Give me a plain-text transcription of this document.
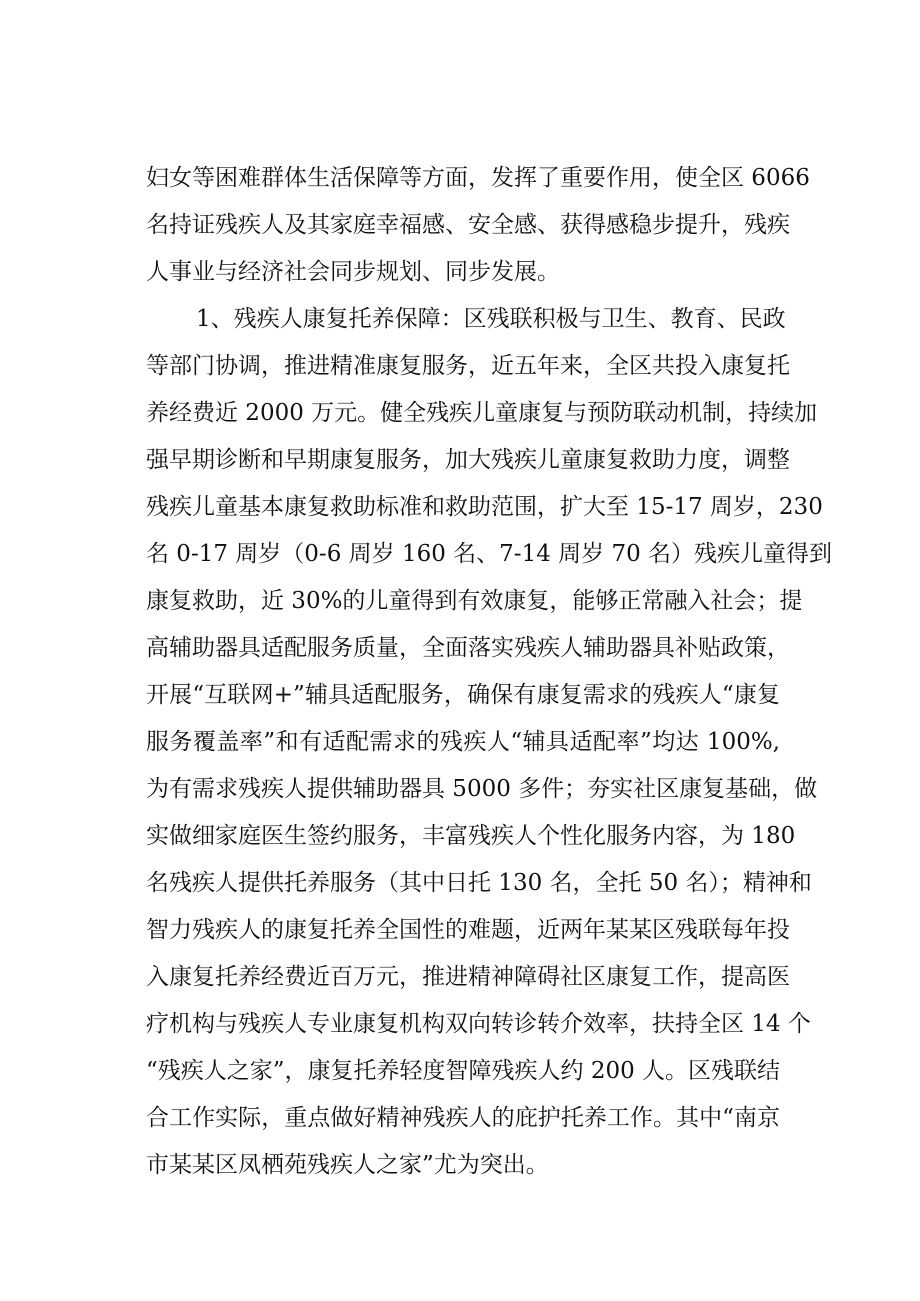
妇女等困难群体生活保障等方面，发挥了重要作用，使全区 6066
名持证残疾人及其家庭幸福感、安全感、获得感稳步提升，残疾
人事业与经济社会同步规划、同步发展。
1、残疾人康复托养保障：区残联积极与卫生、教育、民政
等部门协调，推进精准康复服务，近五年来，全区共投入康复托
养经费近 2000 万元。健全残疾儿童康复与预防联动机制，持续加
强早期诊断和早期康复服务，加大残疾儿童康复救助力度，调整
残疾儿童基本康复救助标准和救助范围，扩大至 15-17 周岁，230
名 0-17 周岁（0-6 周岁 160 名、7-14 周岁 70 名）残疾儿童得到
康复救助，近 30%的儿童得到有效康复，能够正常融入社会；提
高辅助器具适配服务质量，全面落实残疾人辅助器具补贴政策，
开展“互联网+”辅具适配服务，确保有康复需求的残疾人“康复
服务覆盖率”和有适配需求的残疾人“辅具适配率”均达 100%,
为有需求残疾人提供辅助器具 5000 多件；夯实社区康复基础，做
实做细家庭医生签约服务，丰富残疾人个性化服务内容，为 180
名残疾人提供托养服务（其中日托 130 名，全托 50 名）；精神和
智力残疾人的康复托养全国性的难题，近两年某某区残联每年投
入康复托养经费近百万元，推进精神障碍社区康复工作，提高医
疗机构与残疾人专业康复机构双向转诊转介效率，扶持全区 14 个
“残疾人之家”，康复托养轻度智障残疾人约 200 人。区残联结
合工作实际，重点做好精神残疾人的庇护托养工作。其中“南京
市某某区凤栖苑残疾人之家”尤为突出。
